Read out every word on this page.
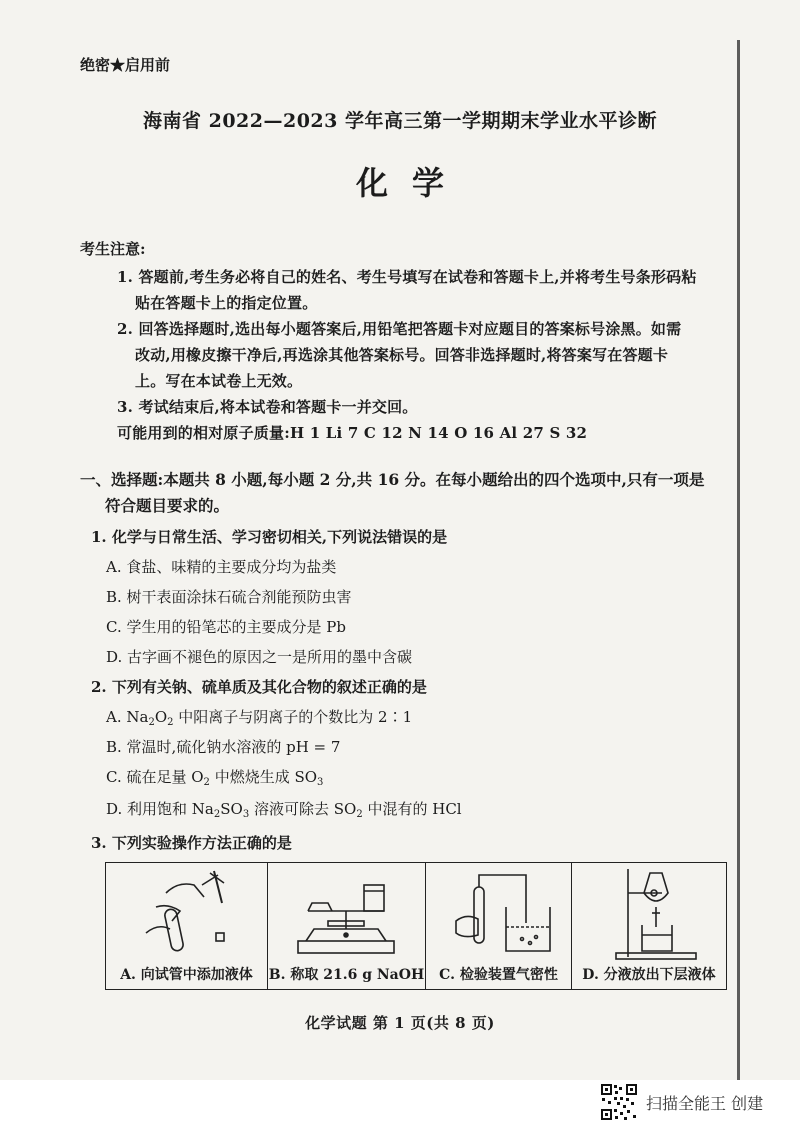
绝密★启用前
海南省 2022—2023 学年高三第一学期期末学业水平诊断
化学
考生注意:
1. 答题前,考生务必将自己的姓名、考生号填写在试卷和答题卡上,并将考生号条形码粘
贴在答题卡上的指定位置。
2. 回答选择题时,选出每小题答案后,用铅笔把答题卡对应题目的答案标号涂黑。如需
改动,用橡皮擦干净后,再选涂其他答案标号。回答非选择题时,将答案写在答题卡
上。写在本试卷上无效。
3. 考试结束后,将本试卷和答题卡一并交回。
可能用到的相对原子质量:H 1 Li 7 C 12 N 14 O 16 Al 27 S 32
一、选择题:本题共 8 小题,每小题 2 分,共 16 分。在每小题给出的四个选项中,只有一项是
符合题目要求的。
1. 化学与日常生活、学习密切相关,下列说法错误的是
A. 食盐、味精的主要成分均为盐类
B. 树干表面涂抹石硫合剂能预防虫害
C. 学生用的铅笔芯的主要成分是 Pb
D. 古字画不褪色的原因之一是所用的墨中含碳
2. 下列有关钠、硫单质及其化合物的叙述正确的是
A. $Na_2O_2$ 中阳离子与阴离子的个数比为 2∶1
B. 常温时,硫化钠水溶液的 pH = 7
C. 硫在足量 $O_2$ 中燃烧生成 $SO_3$
D. 利用饱和 $Na_2SO_3$ 溶液可除去 $SO_2$ 中混有的 HCl
3. 下列实验操作方法正确的是
A. 向试管中添加液体	B. 称取 21.6 g NaOH	C. 检验装置气密性	D. 分液放出下层液体
化学试题 第 1 页(共 8 页)
扫描全能王 创建
